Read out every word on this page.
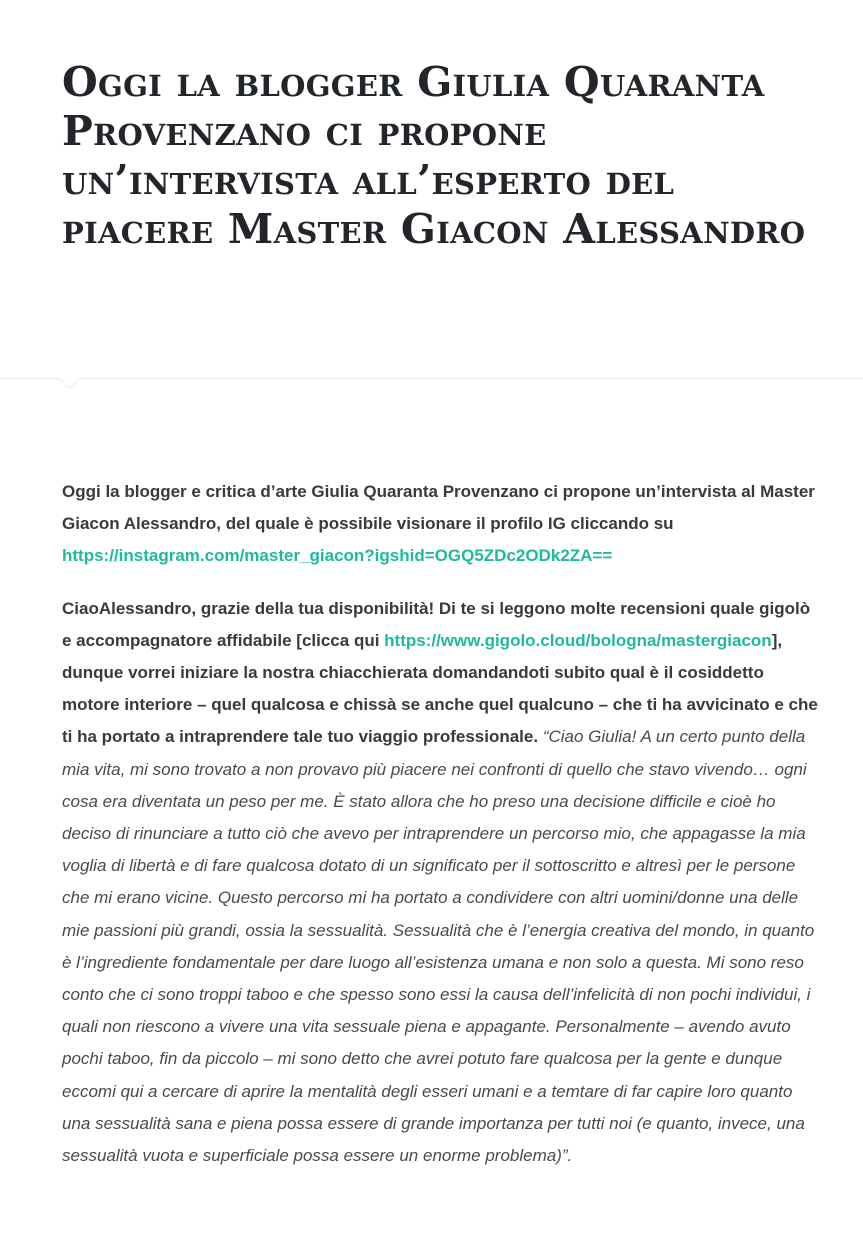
Oggi la blogger Giulia Quaranta Provenzano ci propone un’intervista all’esperto del piacere Master Giacon Alessandro

Oggi la blogger e critica d’arte Giulia Quaranta Provenzano ci propone un’intervista al Master Giacon Alessandro, del quale è possibile visionare il profilo IG cliccando su https://instagram.com/master_giacon?igshid=OGQ5ZDc2ODk2ZA==

CiaoAlessandro, grazie della tua disponibilità! Di te si leggono molte recensioni quale gigolò e accompagnatore affidabile [clicca qui https://www.gigolo.cloud/bologna/mastergiacon], dunque vorrei iniziare la nostra chiacchierata domandandoti subito qual è il cosiddetto motore interiore – quel qualcosa e chissà se anche quel qualcuno – che ti ha avvicinato e che ti ha portato a intraprendere tale tuo viaggio professionale. “Ciao Giulia! A un certo punto della mia vita, mi sono trovato a non provavo più piacere nei confronti di quello che stavo vivendo… ogni cosa era diventata un peso per me. È stato allora che ho preso una decisione difficile e cioè ho deciso di rinunciare a tutto ciò che avevo per intraprendere un percorso mio, che appagasse la mia voglia di libertà e di fare qualcosa dotato di un significato per il sottoscritto e altresì per le persone che mi erano vicine. Questo percorso mi ha portato a condividere con altri uomini/donne una delle mie passioni più grandi, ossia la sessualità. Sessualità che è l’energia creativa del mondo, in quanto è l’ingrediente fondamentale per dare luogo all’esistenza umana e non solo a questa. Mi sono reso conto che ci sono troppi taboo e che spesso sono essi la causa dell’infelicità di non pochi individui, i quali non riescono a vivere una vita sessuale piena e appagante. Personalmente – avendo avuto pochi taboo, fin da piccolo – mi sono detto che avrei potuto fare qualcosa per la gente e dunque eccomi qui a cercare di aprire la mentalità degli esseri umani e a temtare di far capire loro quanto una sessualità sana e piena possa essere di grande importanza per tutti noi (e quanto, invece, una sessualità vuota e superficiale possa essere un enorme problema)”.
